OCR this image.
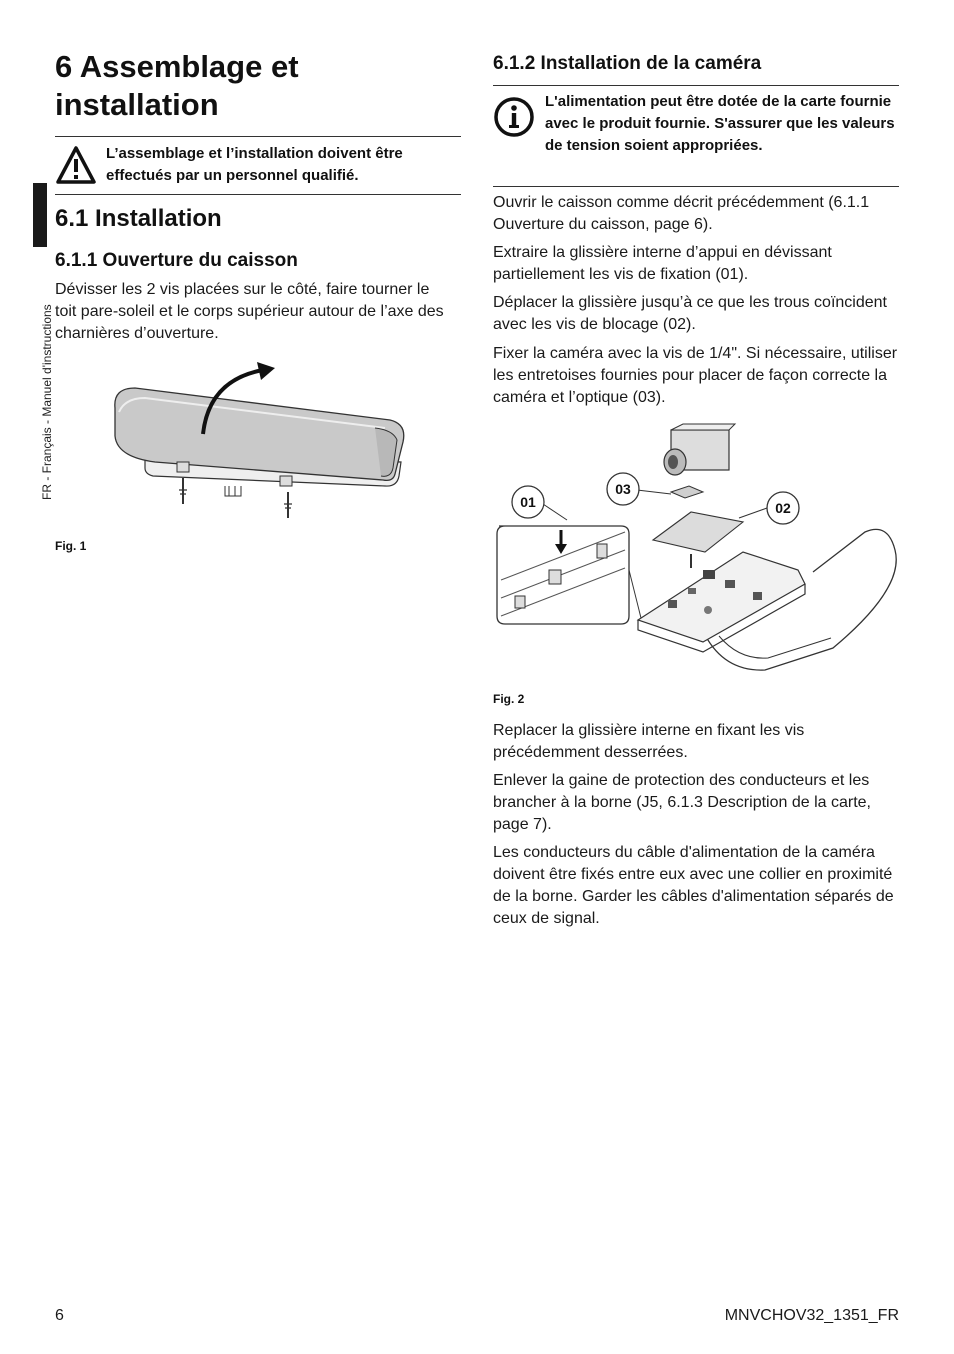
FR - Français - Manuel d'instructions
6 Assemblage et installation
L’assemblage et l’installation doivent être effectués par un personnel qualifié.
6.1 Installation
6.1.1 Ouverture du caisson
Dévisser les 2 vis placées sur le côté, faire tourner le toit pare-soleil et le corps supérieur autour de l’axe des charnières d’ouverture.
Fig. 1
6.1.2 Installation de la caméra
L'alimentation peut être dotée de la carte fournie avec le produit fournie. S'assurer que les valeurs de tension soient appropriées.
Ouvrir le caisson comme décrit précédemment (6.1.1 Ouverture du caisson, page 6).
Extraire la glissière interne d’appui en dévissant partiellement les vis de fixation (01).
Déplacer la glissière jusqu’à ce que les trous coïncident avec les vis de blocage (02).
Fixer la caméra avec la vis de 1/4". Si nécessaire, utiliser les entretoises fournies pour placer de façon correcte la caméra et l’optique (03).
01
03
02
Fig. 2
Replacer la glissière interne en fixant les vis précédemment desserrées.
Enlever la gaine de protection des conducteurs et les brancher à la borne (J5, 6.1.3 Description de la carte, page 7).
Les conducteurs du câble d'alimentation de la caméra doivent être fixés entre eux avec une collier en proximité de la borne. Garder les câbles d'alimentation séparés de ceux de signal.
6	MNVCHOV32_1351_FR
